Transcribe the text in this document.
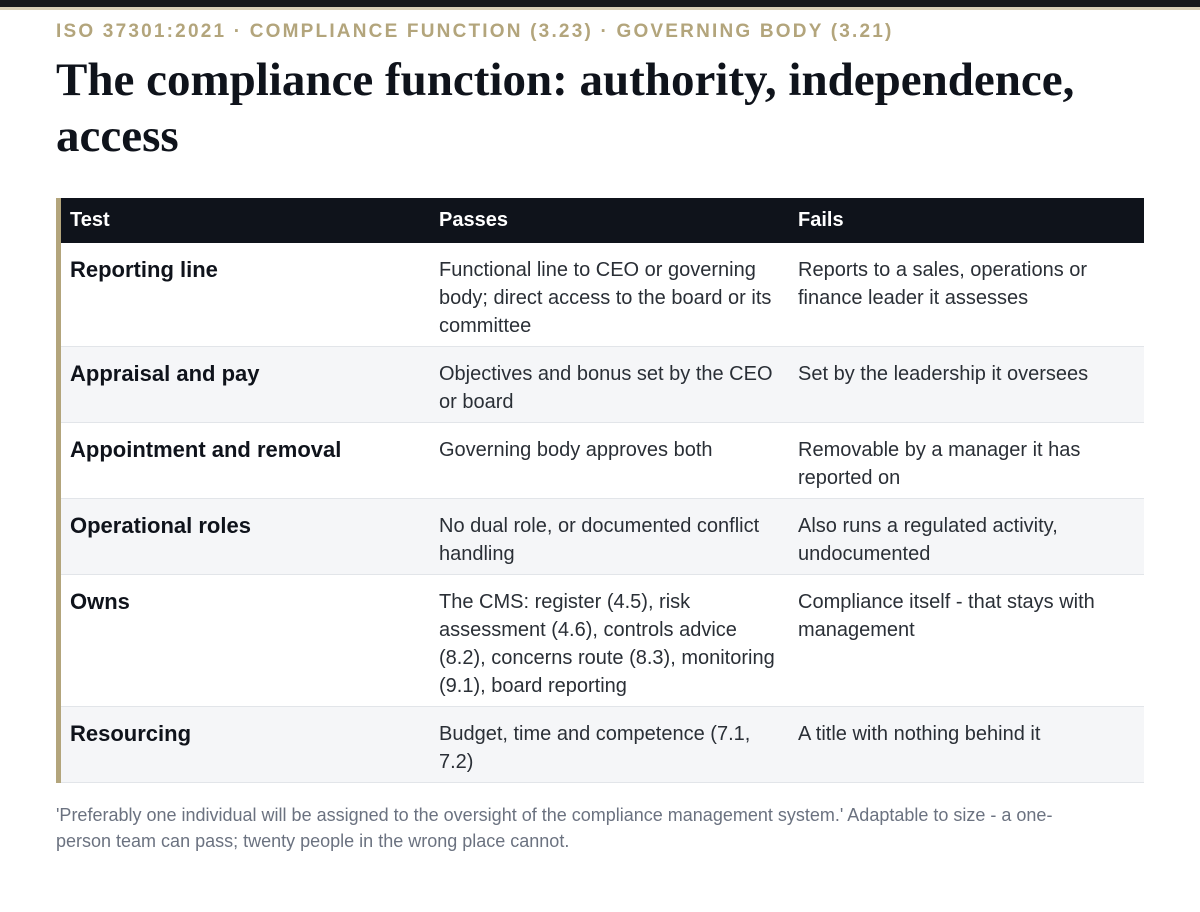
ISO 37301:2021 · COMPLIANCE FUNCTION (3.23) · GOVERNING BODY (3.21)
The compliance function: authority, independence, access
Test	Passes	Fails
Reporting line	Functional line to CEO or governing body; direct access to the board or its committee	Reports to a sales, operations or finance leader it assesses
Appraisal and pay	Objectives and bonus set by the CEO or board	Set by the leadership it oversees
Appointment and removal	Governing body approves both	Removable by a manager it has reported on
Operational roles	No dual role, or documented conflict handling	Also runs a regulated activity, undocumented
Owns	The CMS: register (4.5), risk assessment (4.6), controls advice (8.2), concerns route (8.3), monitoring (9.1), board reporting	Compliance itself - that stays with management
Resourcing	Budget, time and competence (7.1, 7.2)	A title with nothing behind it
'Preferably one individual will be assigned to the oversight of the compliance management system.' Adaptable to size - a one-person team can pass; twenty people in the wrong place cannot.
